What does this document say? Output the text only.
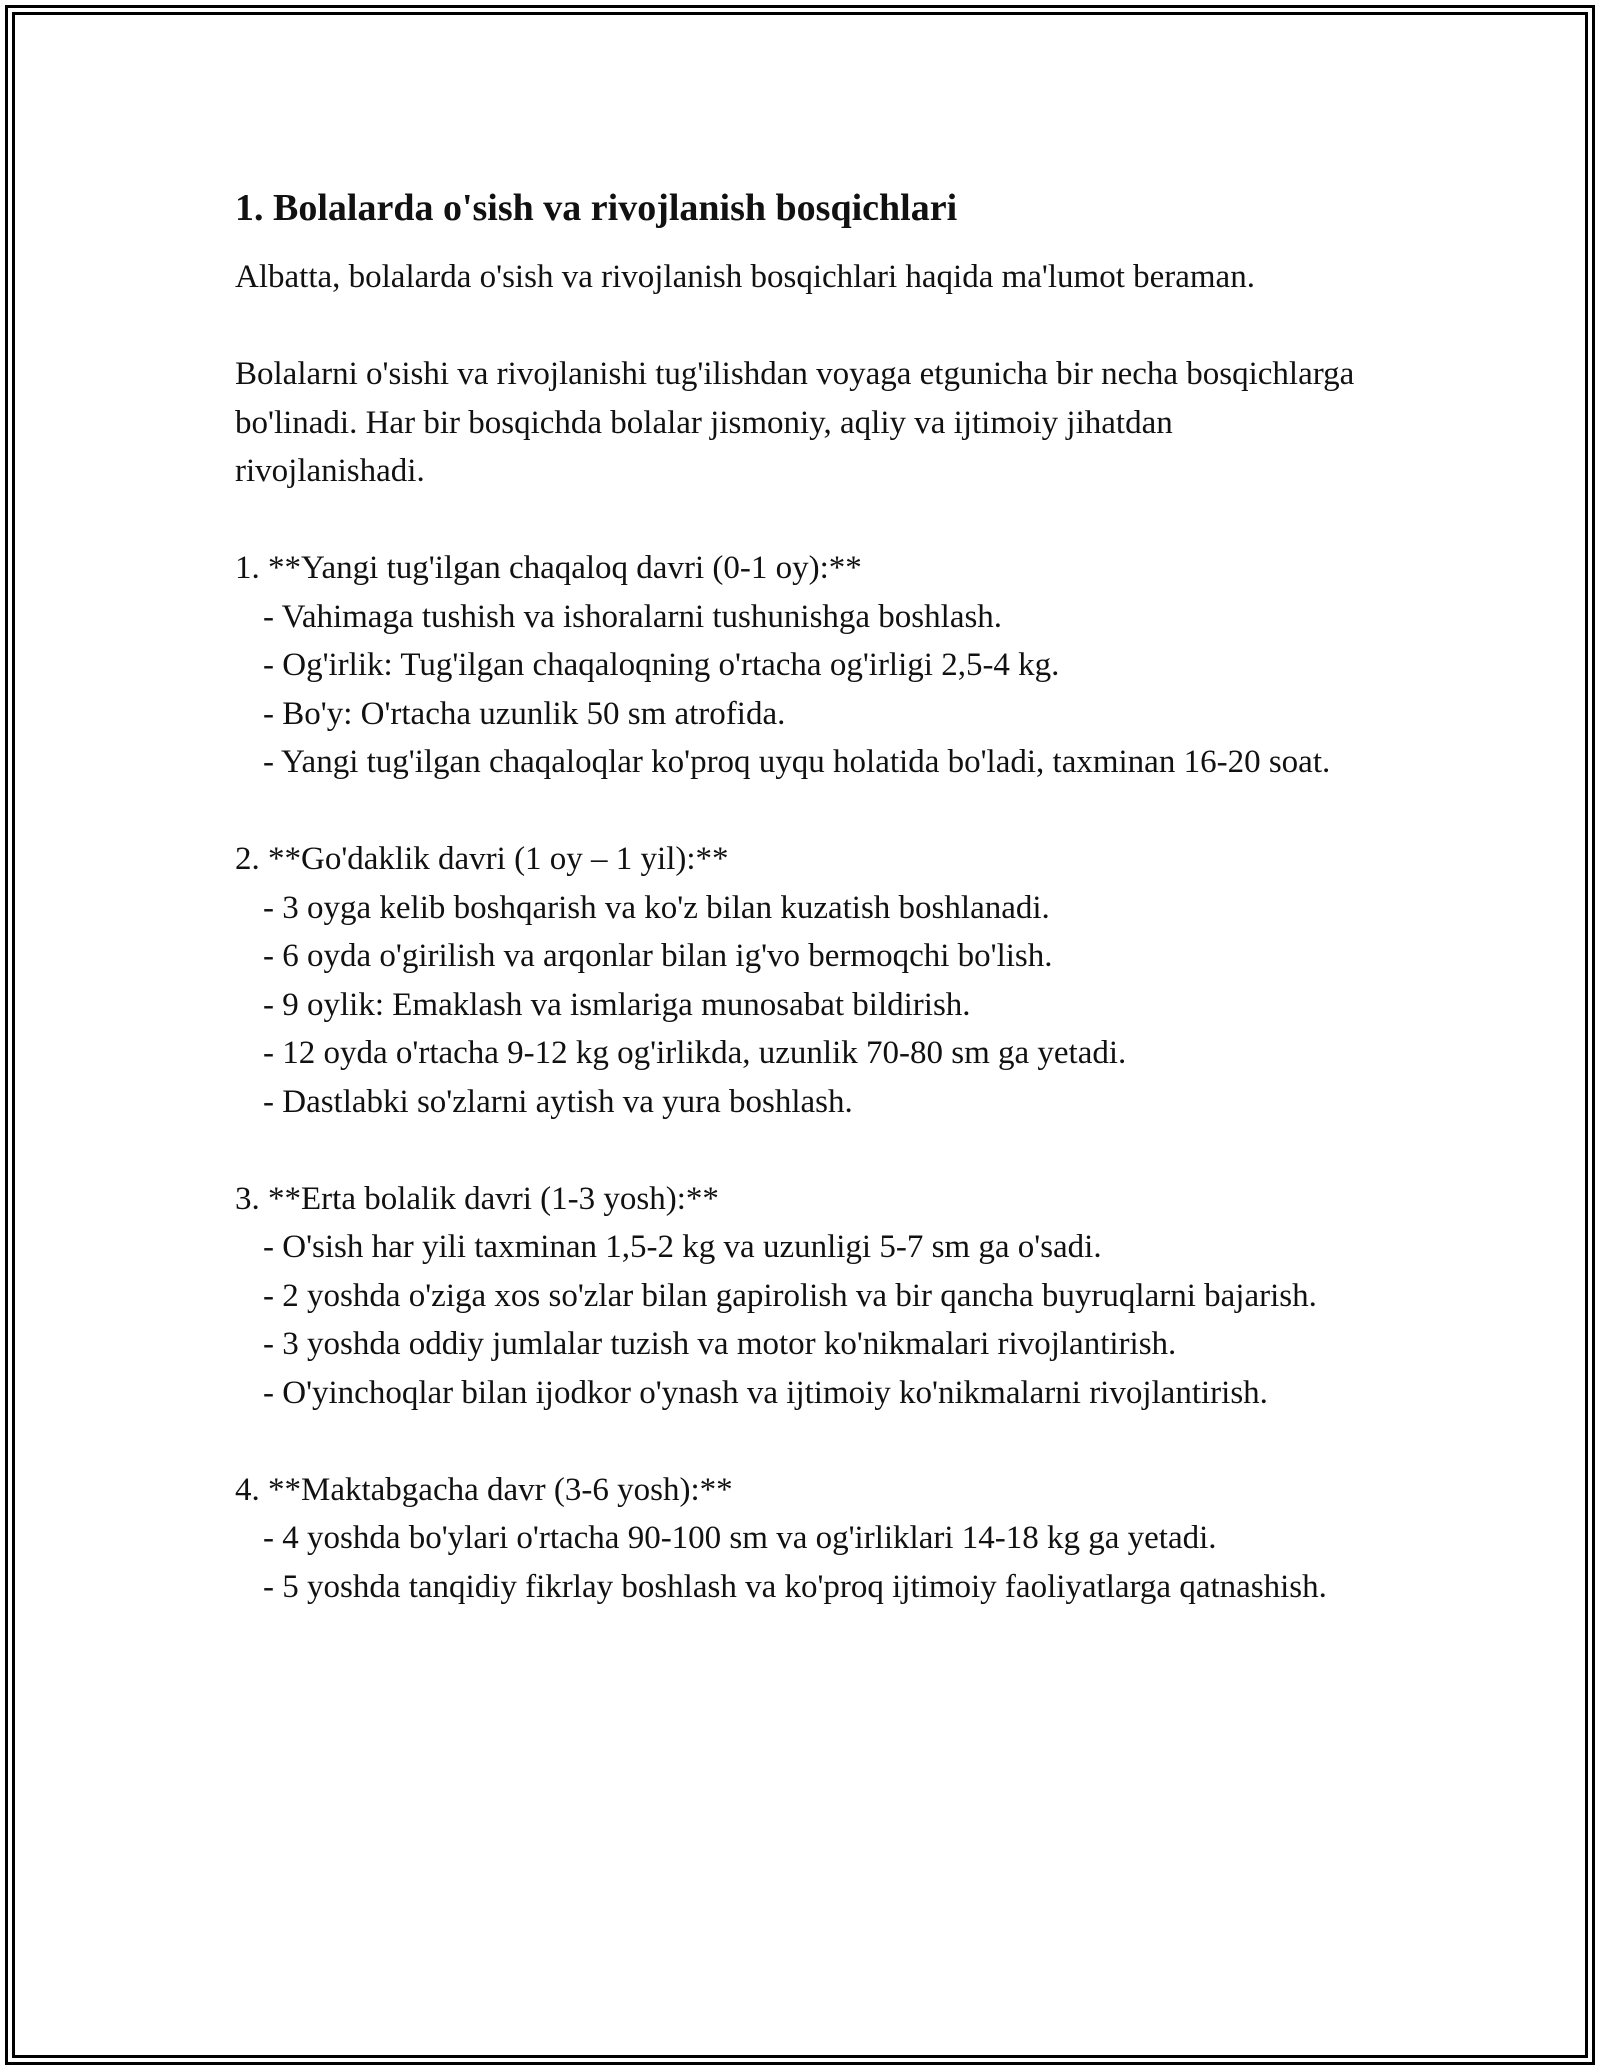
1. Bolalarda o'sish va rivojlanish bosqichlari

Albatta, bolalarda o'sish va rivojlanish bosqichlari haqida ma'lumot beraman.

Bolalarni o'sishi va rivojlanishi tug'ilishdan voyaga etgunicha bir necha bosqichlarga bo'linadi. Har bir bosqichda bolalar jismoniy, aqliy va ijtimoiy jihatdan rivojlanishadi.

1. **Yangi tug'ilgan chaqaloq davri (0-1 oy):**

- Vahimaga tushish va ishoralarni tushunishga boshlash.

- Og'irlik: Tug'ilgan chaqaloqning o'rtacha og'irligi 2,5-4 kg.

- Bo'y: O'rtacha uzunlik 50 sm atrofida.

- Yangi tug'ilgan chaqaloqlar ko'proq uyqu holatida bo'ladi, taxminan 16-20 soat.

2. **Go'daklik davri (1 oy – 1 yil):**

- 3 oyga kelib boshqarish va ko'z bilan kuzatish boshlanadi.

- 6 oyda o'girilish va arqonlar bilan ig'vo bermoqchi bo'lish.

- 9 oylik: Emaklash va ismlariga munosabat bildirish.

- 12 oyda o'rtacha 9-12 kg og'irlikda, uzunlik 70-80 sm ga yetadi.

- Dastlabki so'zlarni aytish va yura boshlash.

3. **Erta bolalik davri (1-3 yosh):**

- O'sish har yili taxminan 1,5-2 kg va uzunligi 5-7 sm ga o'sadi.

- 2 yoshda o'ziga xos so'zlar bilan gapirolish va bir qancha buyruqlarni bajarish.

- 3 yoshda oddiy jumlalar tuzish va motor ko'nikmalari rivojlantirish.

- O'yinchoqlar bilan ijodkor o'ynash va ijtimoiy ko'nikmalarni rivojlantirish.

4. **Maktabgacha davr (3-6 yosh):**

- 4 yoshda bo'ylari o'rtacha 90-100 sm va og'irliklari 14-18 kg ga yetadi.

- 5 yoshda tanqidiy fikrlay boshlash va ko'proq ijtimoiy faoliyatlarga qatnashish.
